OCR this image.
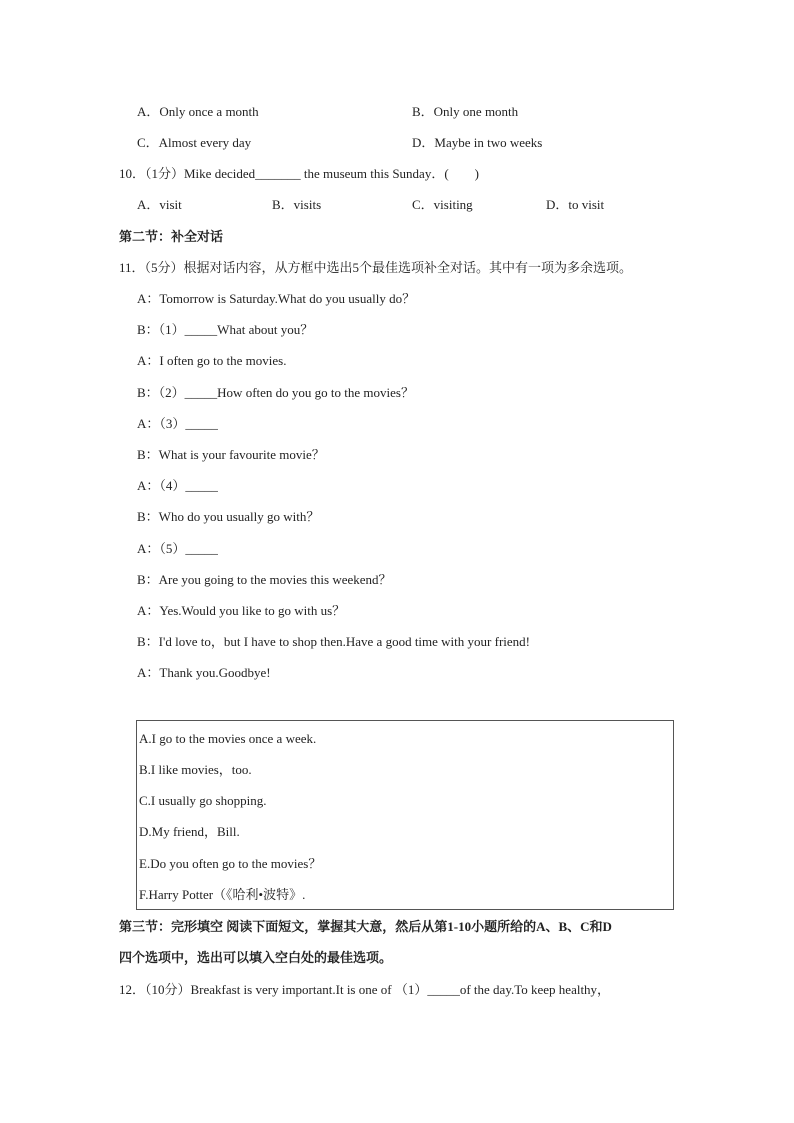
A．Only once a month	B．Only one month
C．Almost every day	D．Maybe in two weeks
10．（1分）Mike decided_______ the museum this Sunday．(　　)
A．visit	B．visits	C．visiting	D．to visit
第二节：补全对话
11．（5分）根据对话内容，从方框中选出5个最佳选项补全对话。其中有一项为多余选项。
A：Tomorrow is Saturday.What do you usually do？
B：（1）_____What about you？
A：I often go to the movies.
B：（2）_____How often do you go to the movies？
A：（3）_____
B：What is your favourite movie？
A：（4）_____
B：Who do you usually go with？
A：（5）_____
B：Are you going to the movies this weekend？
A：Yes.Would you like to go with us？
B：I'd love to，but I have to shop then.Have a good time with your friend!
A：Thank you.Goodbye!
A.I go to the movies once a week.
B.I like movies，too.
C.I usually go shopping.
D.My friend，Bill.
E.Do you often go to the movies？
F.Harry Potter（《哈利•波特》.
第三节：完形填空 阅读下面短文，掌握其大意，然后从第1-10小题所给的A、B、C和D
四个选项中，选出可以填入空白处的最佳选项。
12．（10分）Breakfast is very important.It is one of （1）_____of the day.To keep healthy，
